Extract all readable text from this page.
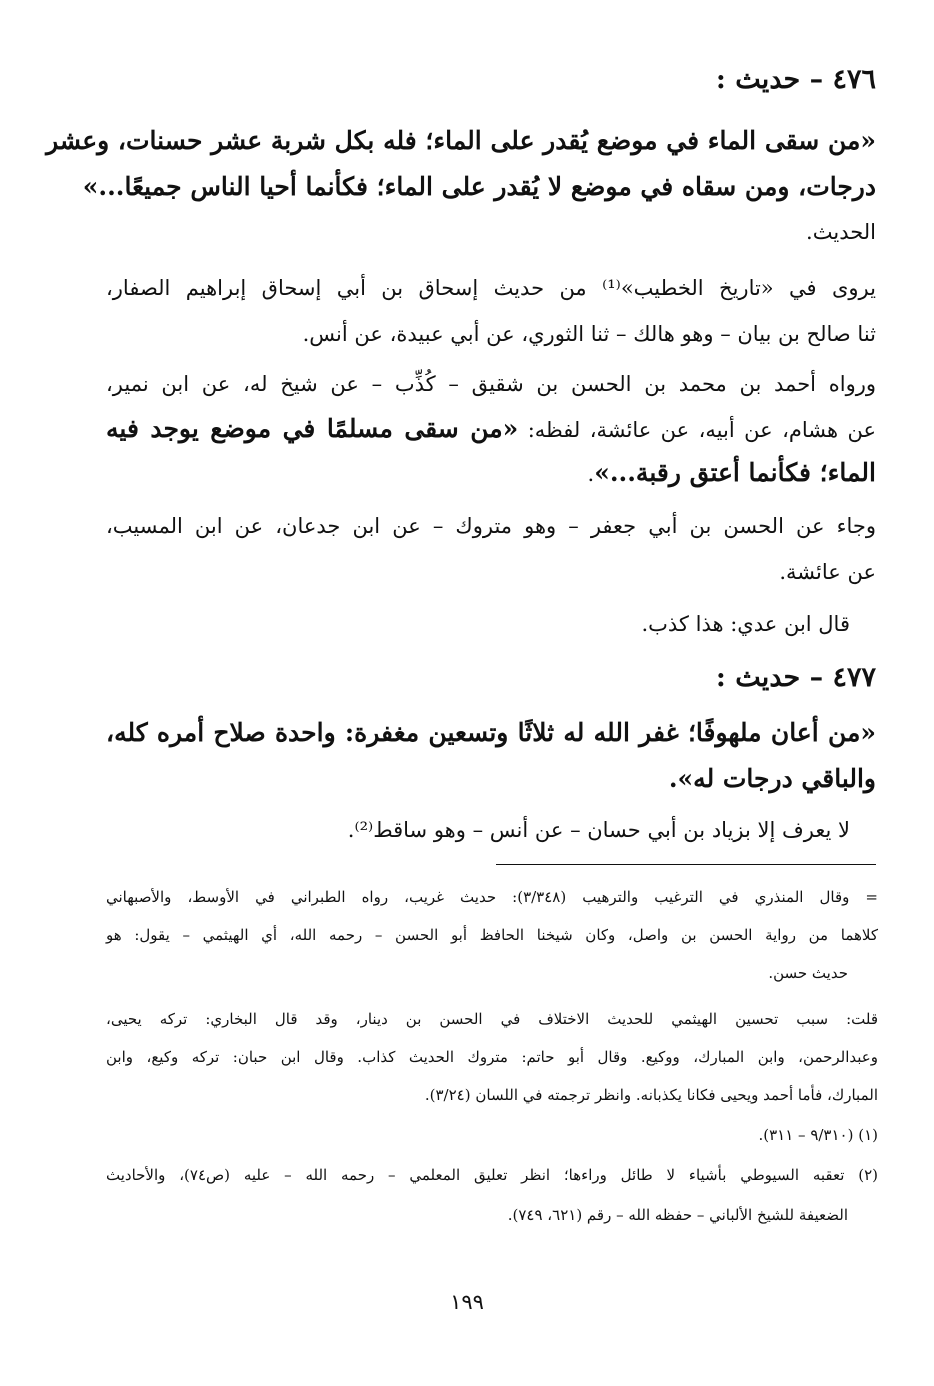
٤٧٦ – حديث :
«من سقى الماء في موضع يُقدر على الماء؛ فله بكل شربة عشر حسنات، وعشر
درجات، ومن سقاه في موضع لا يُقدر على الماء؛ فكأنما أحيا الناس جميعًا...»
الحديث.
يروى في «تاريخ الخطيب»⁽¹⁾ من حديث إسحاق بن أبي إسحاق إبراهيم الصفار،
ثنا صالح بن بيان – وهو هالك – ثنا الثوري، عن أبي عبيدة، عن أنس.
ورواه أحمد بن محمد بن الحسن بن شقيق – كُذِّب – عن شيخ له، عن ابن نمير،
عن هشام، عن أبيه، عن عائشة، لفظه: «من سقى مسلمًا في موضع يوجد فيه
الماء؛ فكأنما أعتق رقبة...».
وجاء عن الحسن بن أبي جعفر – وهو متروك – عن ابن جدعان، عن ابن المسيب،
عن عائشة.
قال ابن عدي: هذا كذب.
٤٧٧ – حديث :
«من أعان ملهوفًا؛ غفر الله له ثلاثًا وتسعين مغفرة: واحدة صلاح أمره كله،
والباقي درجات له».
لا يعرف إلا بزياد بن أبي حسان – عن أنس – وهو ساقط⁽²⁾.
= وقال المنذري في الترغيب والترهيب (٣/٣٤٨): حديث غريب، رواه الطبراني في الأوسط، والأصبهاني
كلاهما من رواية الحسن بن واصل، وكان شيخنا الحافظ أبو الحسن – رحمه الله، أي الهيثمي – يقول: هو
حديث حسن.
قلت: سبب تحسين الهيثمي للحديث الاختلاف في الحسن بن دينار، وقد قال البخاري: تركه يحيى،
وعبدالرحمن، وابن المبارك، ووكيع. وقال أبو حاتم: متروك الحديث كذاب. وقال ابن حبان: تركه وكيع، وابن
المبارك، فأما أحمد ويحيى فكانا يكذبانه. وانظر ترجمته في اللسان (٣/٢٤).
(١) (٩/٣١٠ – ٣١١).
(٢) تعقبه السيوطي بأشياء لا طائل وراءها؛ انظر تعليق المعلمي – رحمه الله – عليه (ص٧٤)، والأحاديث
الضعيفة للشيخ الألباني – حفظه الله – رقم (٦٢١، ٧٤٩).
١٩٩
